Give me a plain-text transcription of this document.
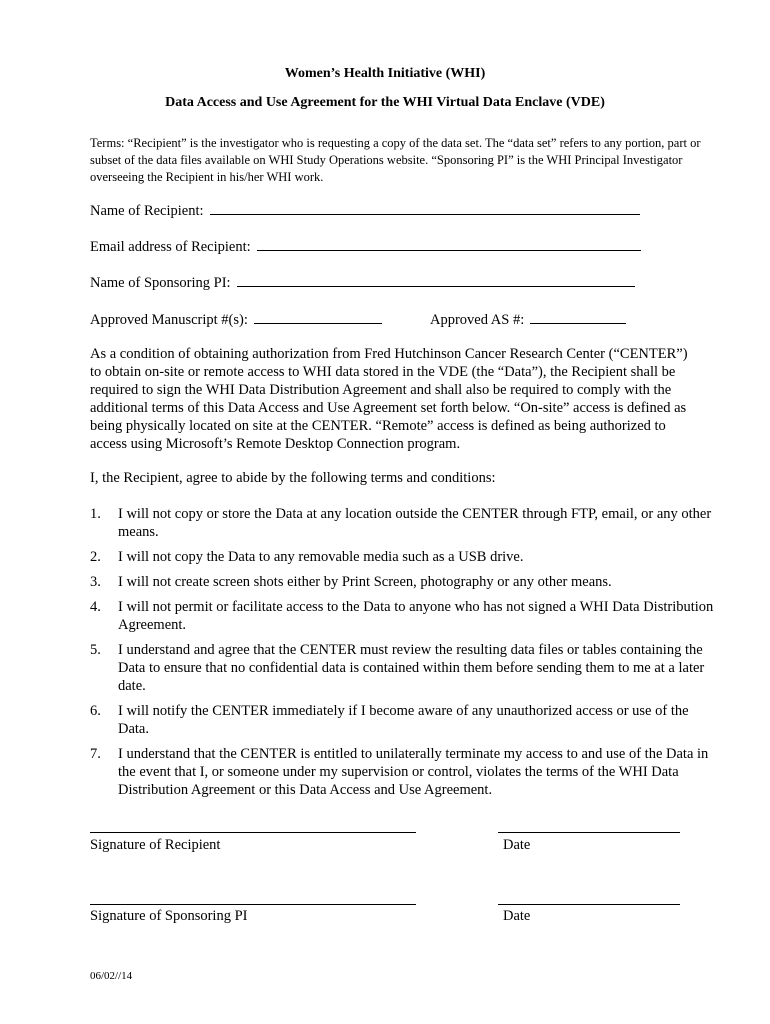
Women’s Health Initiative (WHI)
Data Access and Use Agreement for the WHI Virtual Data Enclave (VDE)
Terms: “Recipient” is the investigator who is requesting a copy of the data set. The “data set” refers to any portion, part or subset of the data files available on WHI Study Operations website. “Sponsoring PI” is the WHI Principal Investigator overseeing the Recipient in his/her WHI work.
Name of Recipient:
Email address of Recipient:
Name of Sponsoring PI:
Approved Manuscript #(s):	Approved AS #:
As a condition of obtaining authorization from Fred Hutchinson Cancer Research Center (“CENTER”) to obtain on-site or remote access to WHI data stored in the VDE (the “Data”), the Recipient shall be required to sign the WHI Data Distribution Agreement and shall also be required to comply with the additional terms of this Data Access and Use Agreement set forth below. “On-site” access is defined as being physically located on site at the CENTER. “Remote” access is defined as being authorized to access using Microsoft’s Remote Desktop Connection program.
I, the Recipient, agree to abide by the following terms and conditions:
1. I will not copy or store the Data at any location outside the CENTER through FTP, email, or any other means.
2. I will not copy the Data to any removable media such as a USB drive.
3. I will not create screen shots either by Print Screen, photography or any other means.
4. I will not permit or facilitate access to the Data to anyone who has not signed a WHI Data Distribution Agreement.
5. I understand and agree that the CENTER must review the resulting data files or tables containing the Data to ensure that no confidential data is contained within them before sending them to me at a later date.
6. I will notify the CENTER immediately if I become aware of any unauthorized access or use of the Data.
7. I understand that the CENTER is entitled to unilaterally terminate my access to and use of the Data in the event that I, or someone under my supervision or control, violates the terms of the WHI Data Distribution Agreement or this Data Access and Use Agreement.
Signature of Recipient	Date
Signature of Sponsoring PI	Date
06/02//14
